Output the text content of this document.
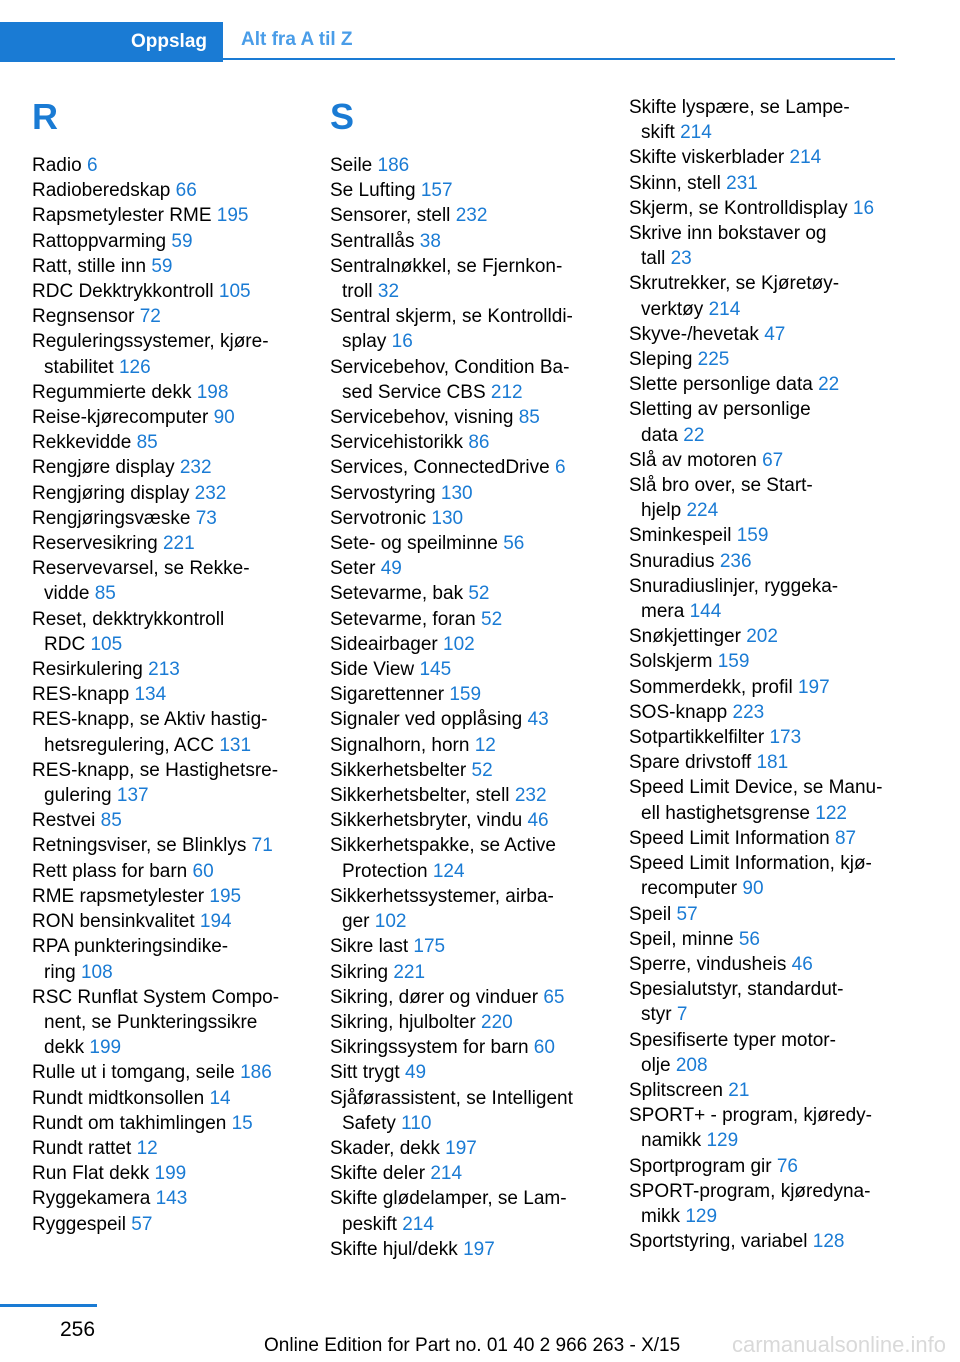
Oppslag	Alt fra A til Z
R
Radio 6
Radioberedskap 66
Rapsmetylester RME 195
Rattoppvarming 59
Ratt, stille inn 59
RDC Dekktrykkontroll 105
Regnsensor 72
Reguleringssystemer, kjøre-
stabilitet 126
Regummierte dekk 198
Reise-kjørecomputer 90
Rekkevidde 85
Rengjøre display 232
Rengjøring display 232
Rengjøringsvæske 73
Reservesikring 221
Reservevarsel, se Rekke-
vidde 85
Reset, dekktrykkontroll
RDC 105
Resirkulering 213
RES-knapp 134
RES-knapp, se Aktiv hastig-
hetsregulering, ACC 131
RES-knapp, se Hastighetsre-
gulering 137
Restvei 85
Retningsviser, se Blinklys 71
Rett plass for barn 60
RME rapsmetylester 195
RON bensinkvalitet 194
RPA punkteringsindike-
ring 108
RSC Runflat System Compo-
nent, se Punkteringssikre
dekk 199
Rulle ut i tomgang, seile 186
Rundt midtkonsollen 14
Rundt om takhimlingen 15
Rundt rattet 12
Run Flat dekk 199
Ryggekamera 143
Ryggespeil 57
S
Seile 186
Se Lufting 157
Sensorer, stell 232
Sentrallås 38
Sentralnøkkel, se Fjernkon-
troll 32
Sentral skjerm, se Kontrolldi-
splay 16
Servicebehov, Condition Ba-
sed Service CBS 212
Servicebehov, visning 85
Servicehistorikk 86
Services, ConnectedDrive 6
Servostyring 130
Servotronic 130
Sete- og speilminne 56
Seter 49
Setevarme, bak 52
Setevarme, foran 52
Sideairbager 102
Side View 145
Sigarettenner 159
Signaler ved opplåsing 43
Signalhorn, horn 12
Sikkerhetsbelter 52
Sikkerhetsbelter, stell 232
Sikkerhetsbryter, vindu 46
Sikkerhetspakke, se Active
Protection 124
Sikkerhetssystemer, airba-
ger 102
Sikre last 175
Sikring 221
Sikring, dører og vinduer 65
Sikring, hjulbolter 220
Sikringssystem for barn 60
Sitt trygt 49
Sjåførassistent, se Intelligent
Safety 110
Skader, dekk 197
Skifte deler 214
Skifte glødelamper, se Lam-
peskift 214
Skifte hjul/dekk 197
Skifte lyspære, se Lampe-
skift 214
Skifte viskerblader 214
Skinn, stell 231
Skjerm, se Kontrolldisplay 16
Skrive inn bokstaver og
tall 23
Skrutrekker, se Kjøretøy-
verktøy 214
Skyve-/hevetak 47
Sleping 225
Slette personlige data 22
Sletting av personlige
data 22
Slå av motoren 67
Slå bro over, se Start-
hjelp 224
Sminkespeil 159
Snuradius 236
Snuradiuslinjer, ryggeka-
mera 144
Snøkjettinger 202
Solskjerm 159
Sommerdekk, profil 197
SOS-knapp 223
Sotpartikkelfilter 173
Spare drivstoff 181
Speed Limit Device, se Manu-
ell hastighetsgrense 122
Speed Limit Information 87
Speed Limit Information, kjø-
recomputer 90
Speil 57
Speil, minne 56
Sperre, vindusheis 46
Spesialutstyr, standardut-
styr 7
Spesifiserte typer motor-
olje 208
Splitscreen 21
SPORT+ - program, kjøredy-
namikk 129
Sportprogram gir 76
SPORT-program, kjøredyna-
mikk 129
Sportstyring, variabel 128
256
Online Edition for Part no. 01 40 2 966 263 - X/15 carmanualsonline.info
